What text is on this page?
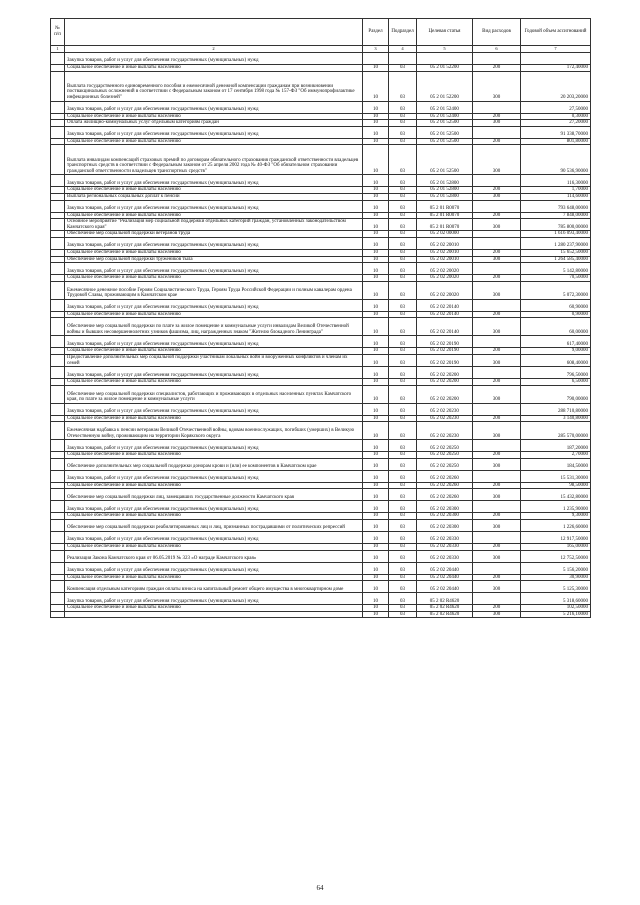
№ п/п		Раздел	Подраздел	Целевая статья	Вид расходов	Годовой объем ассигнований
1	2	3	4	5	6	7
	Закупка товаров, работ и услуг для обеспечения государственных (муниципальных) нужд					
	Социальное обеспечение и иные выплаты населению	10	03	05 2 01 52200	200	172,40000
	Выплата государственного единовременного пособия и ежемесячной денежной компенсации гражданам при возникновении поствакцинальных осложнений в соответствии с Федеральным законом от 17 сентября 1998 года № 157-ФЗ "Об иммунопрофилактике инфекционных болезней"	10	03	05 2 01 52200	300	20 203,20000
	Закупка товаров, работ и услуг для обеспечения государственных (муниципальных) нужд	10	03	05 2 01 52400		27,50000
	Социальное обеспечение и иные выплаты населению	10	03	05 2 01 52400	200	0,30000
	Оплата жилищно-коммунальных услуг отдельным категориям граждан	10	03	05 2 01 52500	300	27,20000
	Закупка товаров, работ и услуг для обеспечения государственных (муниципальных) нужд	10	03	05 2 01 52500		91 338,70000
	Социальное обеспечение и иные выплаты населению	10	03	05 2 01 52500	200	801,80000
	Выплата инвалидам компенсаций страховых премий по договорам обязательного страхования гражданской ответственности владельцев транспортных средств в соответствии с Федеральным законом от 25 апреля 2002 года № 40-ФЗ "Об обязательном страховании гражданской ответственности владельцев транспортных средств"	10	03	05 2 01 52500	300	90 536,90000
	Закупка товаров, работ и услуг для обеспечения государственных (муниципальных) нужд	10	03	05 2 01 52800		116,30000
	Социальное обеспечение и иные выплаты населению	10	03	05 2 01 52800	200	1,70000
	Выплата региональных социальных доплат к пенсии	10	03	05 2 01 52800	300	114,60000
	Закупка товаров, работ и услуг для обеспечения государственных (муниципальных) нужд	10	03	05 2 01 R0070		793 648,00000
	Социальное обеспечение и иные выплаты населению	10	03	05 2 01 R0070	200	7 848,00000
	Основное мероприятие "Реализация мер социальной поддержки отдельных категорий граждан, установленных законодательством Камчатского края"	10	03	05 2 01 R0070	300	785 800,00000
	Обеспечение мер социальной поддержки ветеранов труда	10	03	05 2 02 00000		1 616 093,40000
	Закупка товаров, работ и услуг для обеспечения государственных (муниципальных) нужд	10	03	05 2 02 20010		1 280 237,90000
	Социальное обеспечение и иные выплаты населению	10	03	05 2 02 20010	200	15 652,50000
	Обеспечение мер социальной поддержки тружеников тыла	10	03	05 2 02 20010	300	1 264 585,40000
	Закупка товаров, работ и услуг для обеспечения государственных (муниципальных) нужд	10	03	05 2 02 20020		5 142,80000
	Социальное обеспечение и иные выплаты населению	10	03	05 2 02 20020	200	70,50000
	Ежемесячное денежное пособие Героям Социалистического Труда, Героям Труда Российской Федерации и полным кавалерам ордена Трудовой Славы, проживающим в Камчатском крае	10	03	05 2 02 20020	300	5 072,30000
	Закупка товаров, работ и услуг для обеспечения государственных (муниципальных) нужд	10	03	05 2 02 20140		60,90000
	Социальное обеспечение и иные выплаты населению	10	03	05 2 02 20140	200	0,90000
	Обеспечение мер социальной поддержки по плате за жилое помещение и коммунальные услуги инвалидам Великой Отечественной войны и бывших несовершеннолетних узников фашизма, лиц, награжденных знаком "Жителю блокадного Ленинграда"	10	03	05 2 02 20140	300	60,00000
	Закупка товаров, работ и услуг для обеспечения государственных (муниципальных) нужд	10	03	05 2 02 20190		617,40000
	Социальное обеспечение и иные выплаты населению	10	03	05 2 02 20190	200	9,00000
	Предоставление дополнительных мер социальной поддержки участникам локальных войн и вооруженных конфликтов и членам их семей	10	03	05 2 02 20190	300	608,40000
	Закупка товаров, работ и услуг для обеспечения государственных (муниципальных) нужд	10	03	05 2 02 20200		796,50000
	Социальное обеспечение и иные выплаты населению	10	03	05 2 02 20200	200	6,50000
	Обеспечение мер социальной поддержки специалистов, работающих и проживающих в отдельных населенных пунктах Камчатского края, по плате за жилое помещение и коммунальные услуги	10	03	05 2 02 20200	300	790,00000
	Закупка товаров, работ и услуг для обеспечения государственных (муниципальных) нужд	10	03	05 2 02 20230		288 710,80000
	Социальное обеспечение и иные выплаты населению	10	03	05 2 02 20230	200	3 140,80000
	Ежемесячная надбавка к пенсии ветеранам Великой Отечественной войны, вдовам военнослужащих, погибших (умерших) в Великую Отечественную войну, проживающим на территории Корякского округа	10	03	05 2 02 20230	300	285 570,00000
	Закупка товаров, работ и услуг для обеспечения государственных (муниципальных) нужд	10	03	05 2 02 20250		187,20000
	Социальное обеспечение и иные выплаты населению	10	03	05 2 02 20250	200	2,70000
	Обеспечение дополнительных мер социальной поддержки донорам крови и (или) ее компонентов в Камчатском крае	10	03	05 2 02 20250	300	184,50000
	Закупка товаров, работ и услуг для обеспечения государственных (муниципальных) нужд	10	03	05 2 02 20260		15 531,30000
	Социальное обеспечение и иные выплаты населению	10	03	05 2 02 20260	200	98,50000
	Обеспечение мер социальной поддержки лиц, замещавших государственные должности Камчатского края	10	03	05 2 02 20260	300	15 432,80000
	Закупка товаров, работ и услуг для обеспечения государственных (муниципальных) нужд	10	03	05 2 02 20300		1 235,90000
	Социальное обеспечение и иные выплаты населению	10	03	05 2 02 20300	200	9,30000
	Обеспечение мер социальной поддержки реабилитированных лиц и лиц, признанных пострадавшими от политических репрессий	10	03	05 2 02 20300	300	1 226,60000
	Закупка товаров, работ и услуг для обеспечения государственных (муниципальных) нужд	10	03	05 2 02 20330		12 917,50000
	Социальное обеспечение и иные выплаты населению	10	03	05 2 02 20330	200	165,00000
	Реализация Закона Камчатского края от 06.05.2019 № 323 «О награде Камчатского края»	10	03	05 2 02 20330	300	12 752,50000
	Закупка товаров, работ и услуг для обеспечения государственных (муниципальных) нужд	10	03	05 2 02 20440		5 156,20000
	Социальное обеспечение и иные выплаты населению	10	03	05 2 02 20440	200	30,90000
	Компенсация отдельным категориям граждан оплаты взноса на капитальный ремонт общего имущества в многоквартирном доме	10	03	05 2 02 20440	300	5 125,30000
	Закупка товаров, работ и услуг для обеспечения государственных (муниципальных) нужд	10	03	05 2 02 R4620		5 318,60000
	Социальное обеспечение и иные выплаты населению	10	03	05 2 02 R4620	200	102,50000
		10	03	05 2 02 R4620	300	5 216,10000
64
